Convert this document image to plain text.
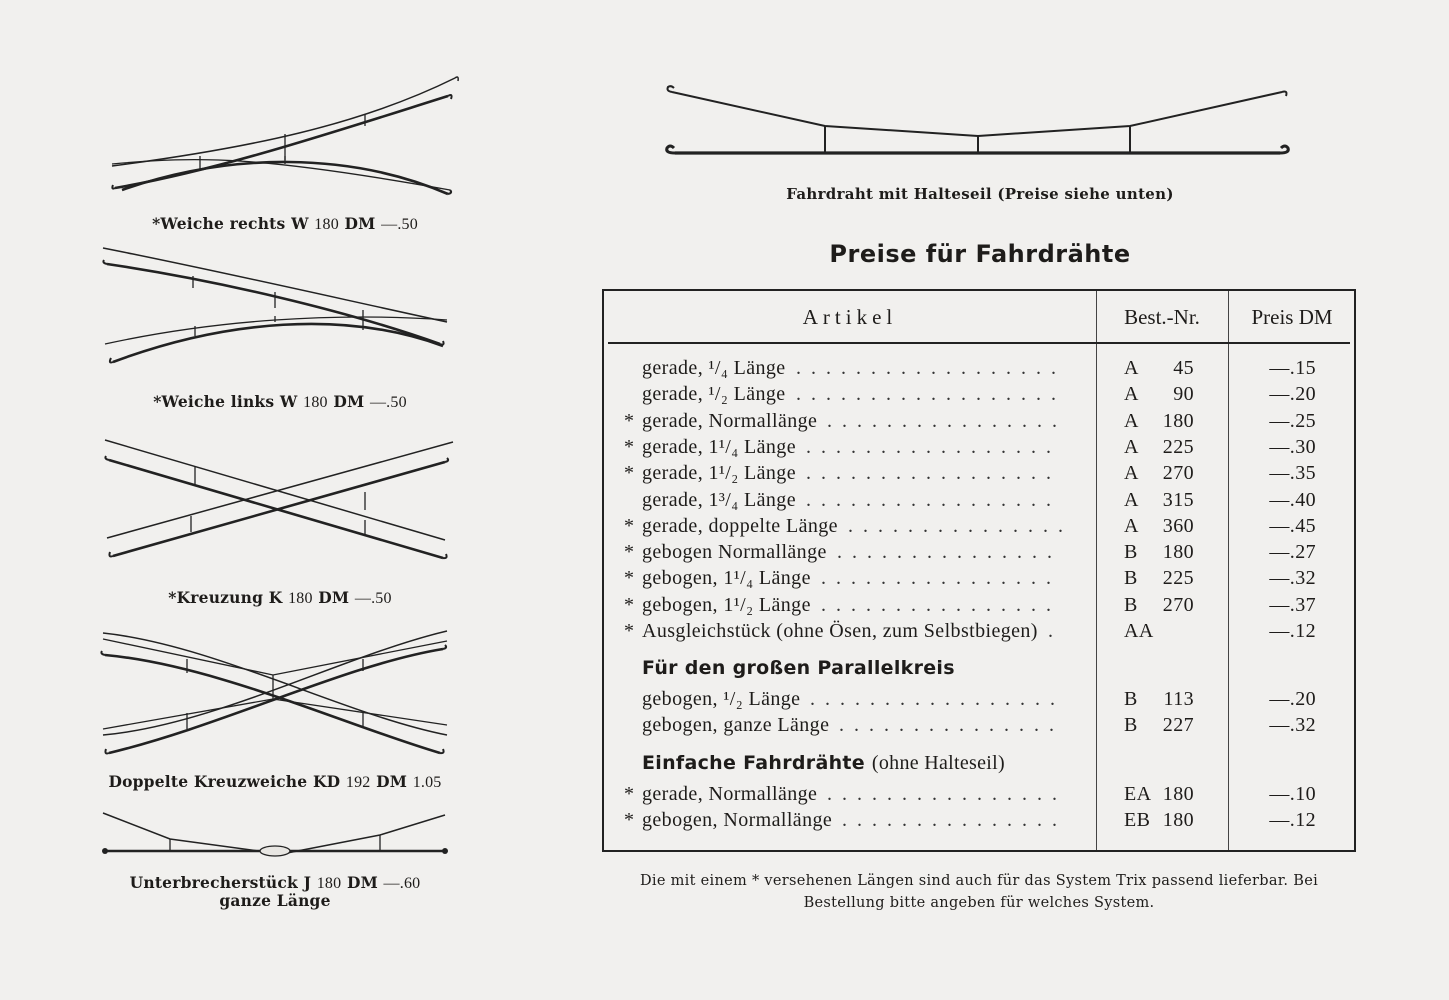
*Weiche rechts W 180 DM —.50
*Weiche links W 180 DM —.50
*Kreuzung K 180 DM —.50
Doppelte Kreuzweiche KD 192 DM 1.05
Unterbrecherstück J 180 DM —.60
ganze Länge
Fahrdraht mit Halteseil (Preise siehe unten)
Preise für Fahrdrähte
Artikel	Best.-Nr.	Preis DM
gerade, ¹/₄ Länge	A	45	—.15
..................
gerade, ¹/₂ Länge	A	90	—.20
..................
* gerade, Normallänge	A 180	—.25
................
* gerade, 1¹/₄ Länge	A 225	—.30
.................
* gerade, 1¹/₂ Länge	A 270	—.35
.................
gerade, 1³/₄ Länge	A 315	—.40
.................
* gerade, doppelte Länge	A 360	—.45
...............
* gebogen Normallänge	B 180	—.27
...............
* gebogen, 1¹/₄ Länge	B 225	—.32
................
* gebogen, 1¹/₂ Länge	B 270	—.37
................
* Ausgleichstück (ohne Ösen, zum Selbstbiegen)	AA	—.12
.
Für den großen Parallelkreis
gebogen, ¹/₂ Länge	B 113	—.20
.................
gebogen, ganze Länge	B 227	—.32
...............
Einfache Fahrdrähte (ohne Halteseil)
* gerade, Normallänge	EA 180	—.10
................
* gebogen, Normallänge	EB 180	—.12
...............
Die mit einem * versehenen Längen sind auch für das System Trix passend lieferbar. Bei
Bestellung bitte angeben für welches System.
